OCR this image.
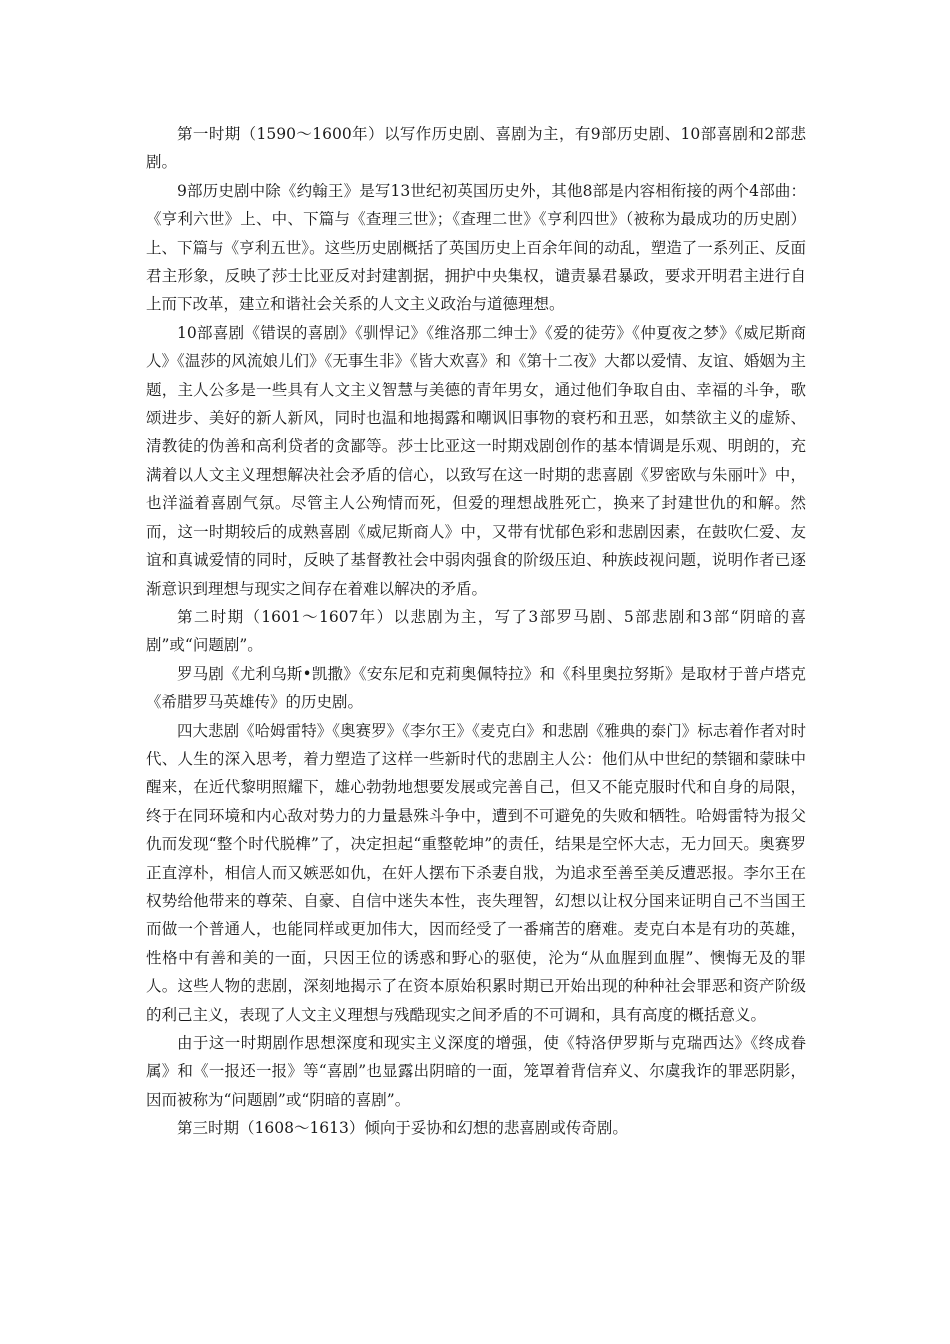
第一时期（1590～1600年）以写作历史剧、喜剧为主，有9部历史剧、10部喜剧和2部悲剧。

9部历史剧中除《约翰王》是写13世纪初英国历史外，其他8部是内容相衔接的两个4部曲：《亨利六世》上、中、下篇与《查理三世》；《查理二世》《亨利四世》（被称为最成功的历史剧）上、下篇与《亨利五世》。这些历史剧概括了英国历史上百余年间的动乱，塑造了一系列正、反面君主形象，反映了莎士比亚反对封建割据，拥护中央集权，谴责暴君暴政，要求开明君主进行自上而下改革，建立和谐社会关系的人文主义政治与道德理想。

10部喜剧《错误的喜剧》《驯悍记》《维洛那二绅士》《爱的徒劳》《仲夏夜之梦》《威尼斯商人》《温莎的风流娘儿们》《无事生非》《皆大欢喜》和《第十二夜》大都以爱情、友谊、婚姻为主题，主人公多是一些具有人文主义智慧与美德的青年男女，通过他们争取自由、幸福的斗争，歌颂进步、美好的新人新风，同时也温和地揭露和嘲讽旧事物的衰朽和丑恶，如禁欲主义的虚矫、清教徒的伪善和高利贷者的贪鄙等。莎士比亚这一时期戏剧创作的基本情调是乐观、明朗的，充满着以人文主义理想解决社会矛盾的信心，以致写在这一时期的悲喜剧《罗密欧与朱丽叶》中，也洋溢着喜剧气氛。尽管主人公殉情而死，但爱的理想战胜死亡，换来了封建世仇的和解。然而，这一时期较后的成熟喜剧《威尼斯商人》中，又带有忧郁色彩和悲剧因素，在鼓吹仁爱、友谊和真诚爱情的同时，反映了基督教社会中弱肉强食的阶级压迫、种族歧视问题，说明作者已逐渐意识到理想与现实之间存在着难以解决的矛盾。

第二时期（1601～1607年）以悲剧为主，写了3部罗马剧、5部悲剧和3部“阴暗的喜剧”或“问题剧”。

罗马剧《尤利乌斯•凯撒》《安东尼和克莉奥佩特拉》和《科里奥拉努斯》是取材于普卢塔克《希腊罗马英雄传》的历史剧。

四大悲剧《哈姆雷特》《奥赛罗》《李尔王》《麦克白》和悲剧《雅典的泰门》标志着作者对时代、人生的深入思考，着力塑造了这样一些新时代的悲剧主人公：他们从中世纪的禁锢和蒙昧中醒来，在近代黎明照耀下，雄心勃勃地想要发展或完善自己，但又不能克服时代和自身的局限，终于在同环境和内心敌对势力的力量悬殊斗争中，遭到不可避免的失败和牺牲。哈姆雷特为报父仇而发现“整个时代脱榫”了，决定担起“重整乾坤”的责任，结果是空怀大志，无力回天。奥赛罗正直淳朴，相信人而又嫉恶如仇，在奸人摆布下杀妻自戕，为追求至善至美反遭恶报。李尔王在权势给他带来的尊荣、自豪、自信中迷失本性，丧失理智，幻想以让权分国来证明自己不当国王而做一个普通人，也能同样或更加伟大，因而经受了一番痛苦的磨难。麦克白本是有功的英雄，性格中有善和美的一面，只因王位的诱惑和野心的驱使，沦为“从血腥到血腥”、懊悔无及的罪人。这些人物的悲剧，深刻地揭示了在资本原始积累时期已开始出现的种种社会罪恶和资产阶级的利己主义，表现了人文主义理想与残酷现实之间矛盾的不可调和，具有高度的概括意义。

由于这一时期剧作思想深度和现实主义深度的增强，使《特洛伊罗斯与克瑞西达》《终成眷属》和《一报还一报》等“喜剧”也显露出阴暗的一面，笼罩着背信弃义、尔虞我诈的罪恶阴影，因而被称为“问题剧”或“阴暗的喜剧”。

第三时期（1608～1613）倾向于妥协和幻想的悲喜剧或传奇剧。
